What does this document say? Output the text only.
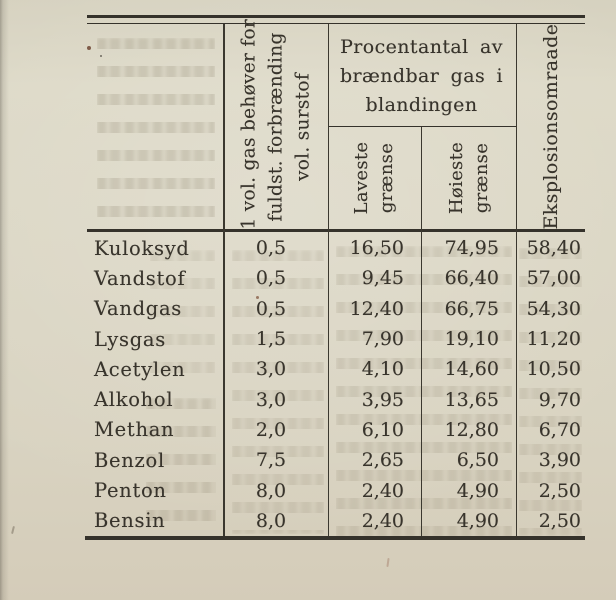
1 vol. gas behøver for fuldst. forbrænding vol. surstof
Procentantal av
brændbar gas i
blandingen
Laveste grænse	Høieste grænse	Eksplosionsomraade
Kuloksyd	0,5	16,50	74,95	58,40
Vandstof	0,5	9,45	66,40	57,00
Vandgas	0,5	12,40	66,75	54,30
Lysgas	1,5	7,90	19,10	11,20
Acetylen	3,0	4,10	14,60	10,50
Alkohol	3,0	3,95	13,65	9,70
Methan	2,0	6,10	12,80	6,70
Benzol	7,5	2,65	6,50	3,90
Penton	8,0	2,40	4,90	2,50
Bensin	8,0	2,40	4,90	2,50
